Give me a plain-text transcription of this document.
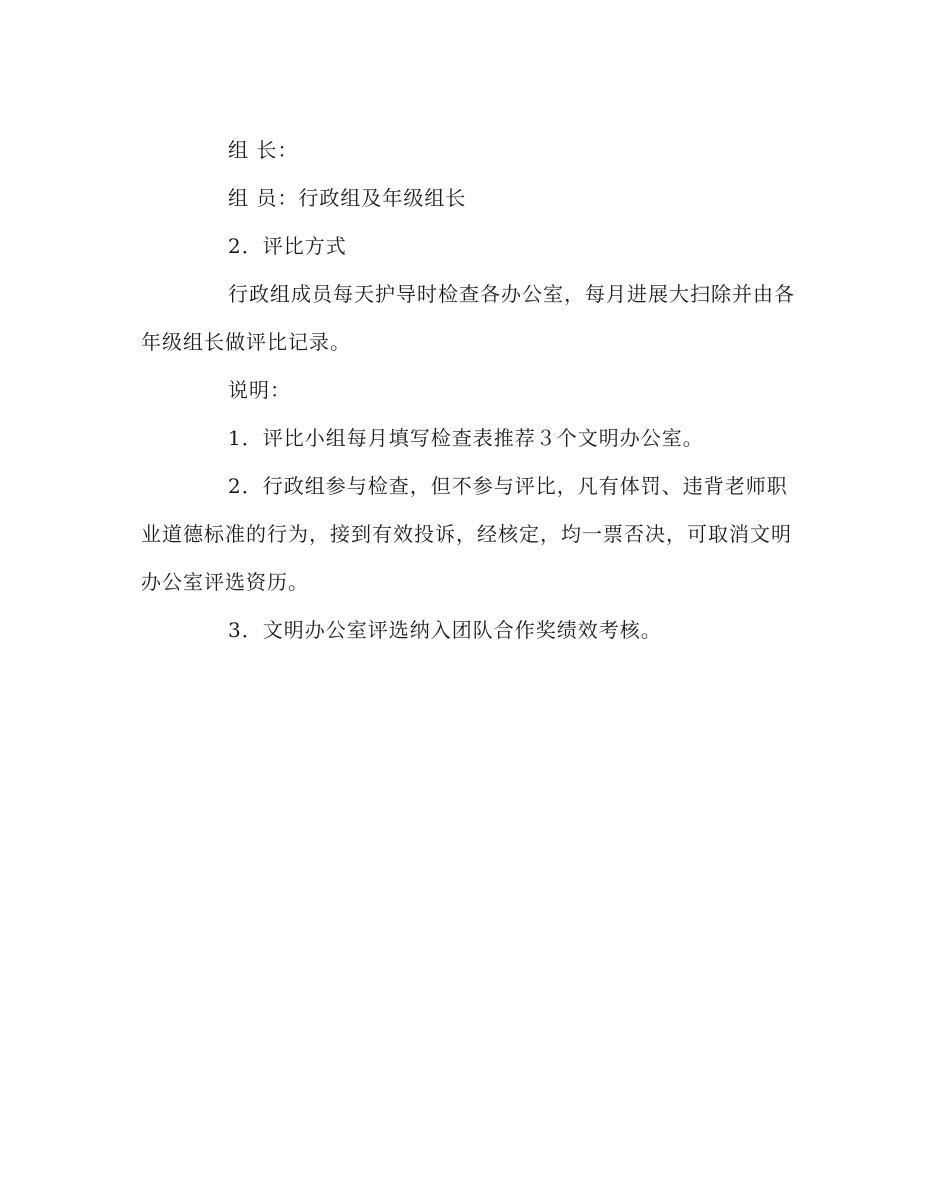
组 长：

组 员：行政组及年级组长

2．评比方式

行政组成员每天护导时检查各办公室，每月进展大扫除并由各年级组长做评比记录。

说明：

1．评比小组每月填写检查表推荐３个文明办公室。

2．行政组参与检查，但不参与评比，凡有体罚、违背老师职业道德标准的行为，接到有效投诉，经核定，均一票否决，可取消文明办公室评选资历。

3．文明办公室评选纳入团队合作奖绩效考核。
